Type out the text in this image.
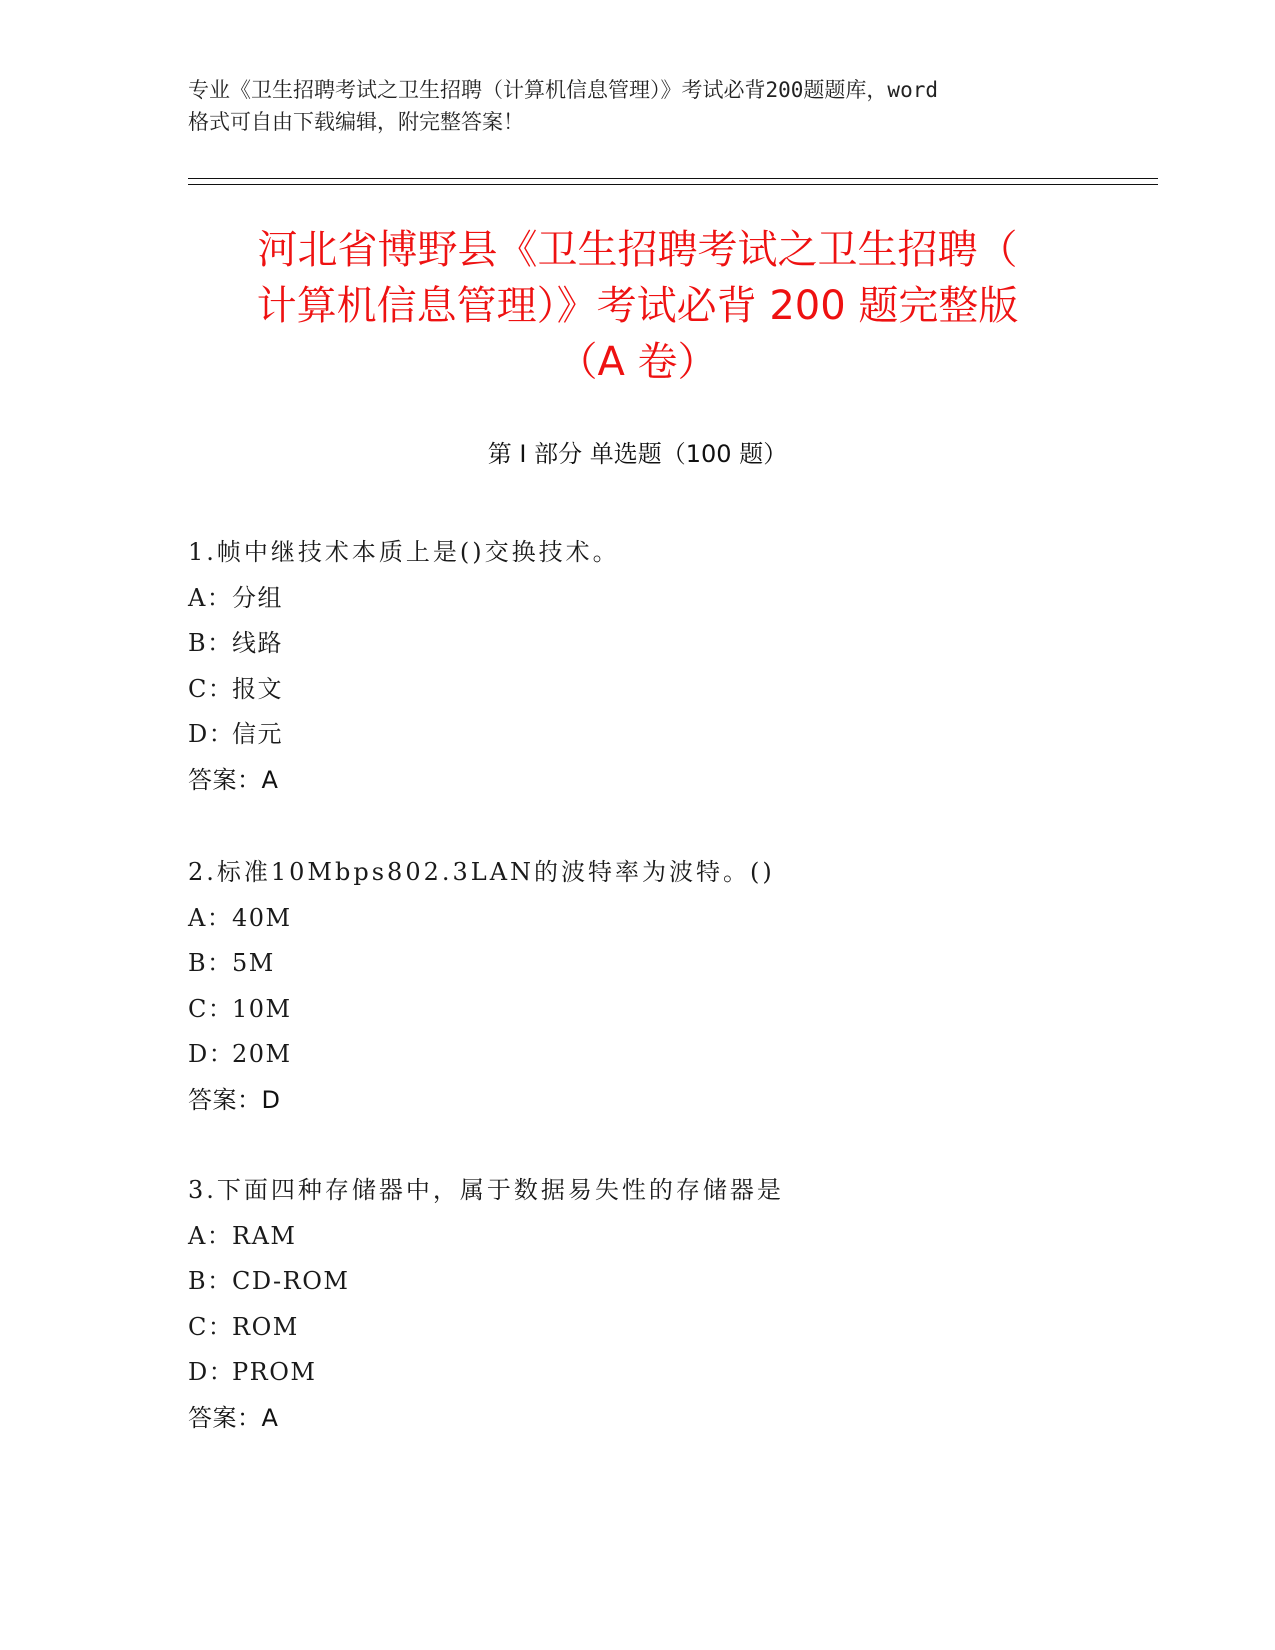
专业《卫生招聘考试之卫生招聘（计算机信息管理）》考试必背200题题库，word
格式可自由下载编辑，附完整答案！
河北省博野县《卫生招聘考试之卫生招聘（
计算机信息管理）》考试必背 200 题完整版
（A 卷）
第 I 部分 单选题（100 题）
1.帧中继技术本质上是()交换技术。
A：分组
B：线路
C：报文
D：信元
答案：A
2.标准10Mbps802.3LAN的波特率为波特。()
A：40M
B：5M
C：10M
D：20M
答案：D
3.下面四种存储器中，属于数据易失性的存储器是
A：RAM
B：CD-ROM
C：ROM
D：PROM
答案：A
